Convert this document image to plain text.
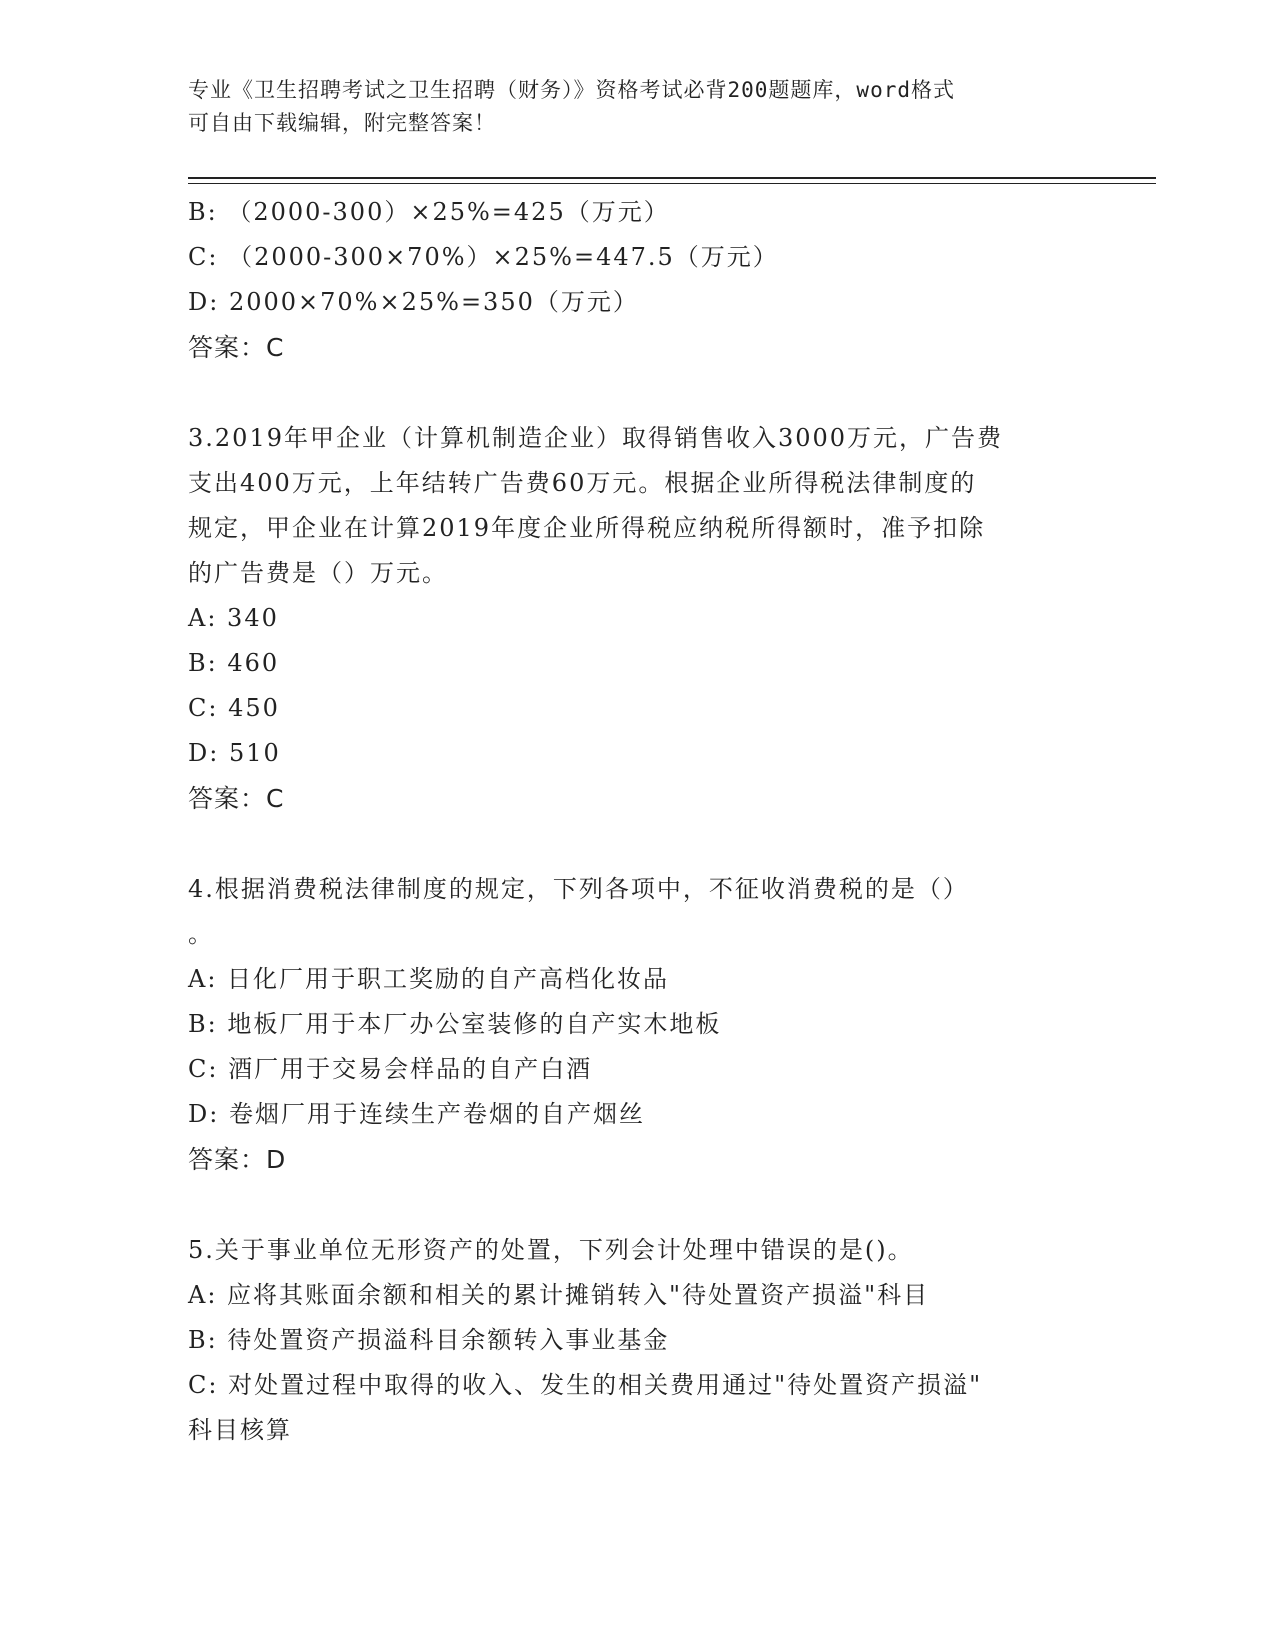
专业《卫生招聘考试之卫生招聘（财务）》资格考试必背200题题库，word格式
可自由下载编辑，附完整答案！
B: （2000-300）×25%=425（万元）
C: （2000-300×70%）×25%=447.5（万元）
D: 2000×70%×25%=350（万元）
答案：C
3.2019年甲企业（计算机制造企业）取得销售收入3000万元，广告费
支出400万元，上年结转广告费60万元。根据企业所得税法律制度的
规定，甲企业在计算2019年度企业所得税应纳税所得额时，准予扣除
的广告费是（）万元。
A: 340
B: 460
C: 450
D: 510
答案：C
4.根据消费税法律制度的规定，下列各项中，不征收消费税的是（）
。
A: 日化厂用于职工奖励的自产高档化妆品
B: 地板厂用于本厂办公室装修的自产实木地板
C: 酒厂用于交易会样品的自产白酒
D: 卷烟厂用于连续生产卷烟的自产烟丝
答案：D
5.关于事业单位无形资产的处置，下列会计处理中错误的是()。
A: 应将其账面余额和相关的累计摊销转入"待处置资产损溢"科目
B: 待处置资产损溢科目余额转入事业基金
C: 对处置过程中取得的收入、发生的相关费用通过"待处置资产损溢"
科目核算
